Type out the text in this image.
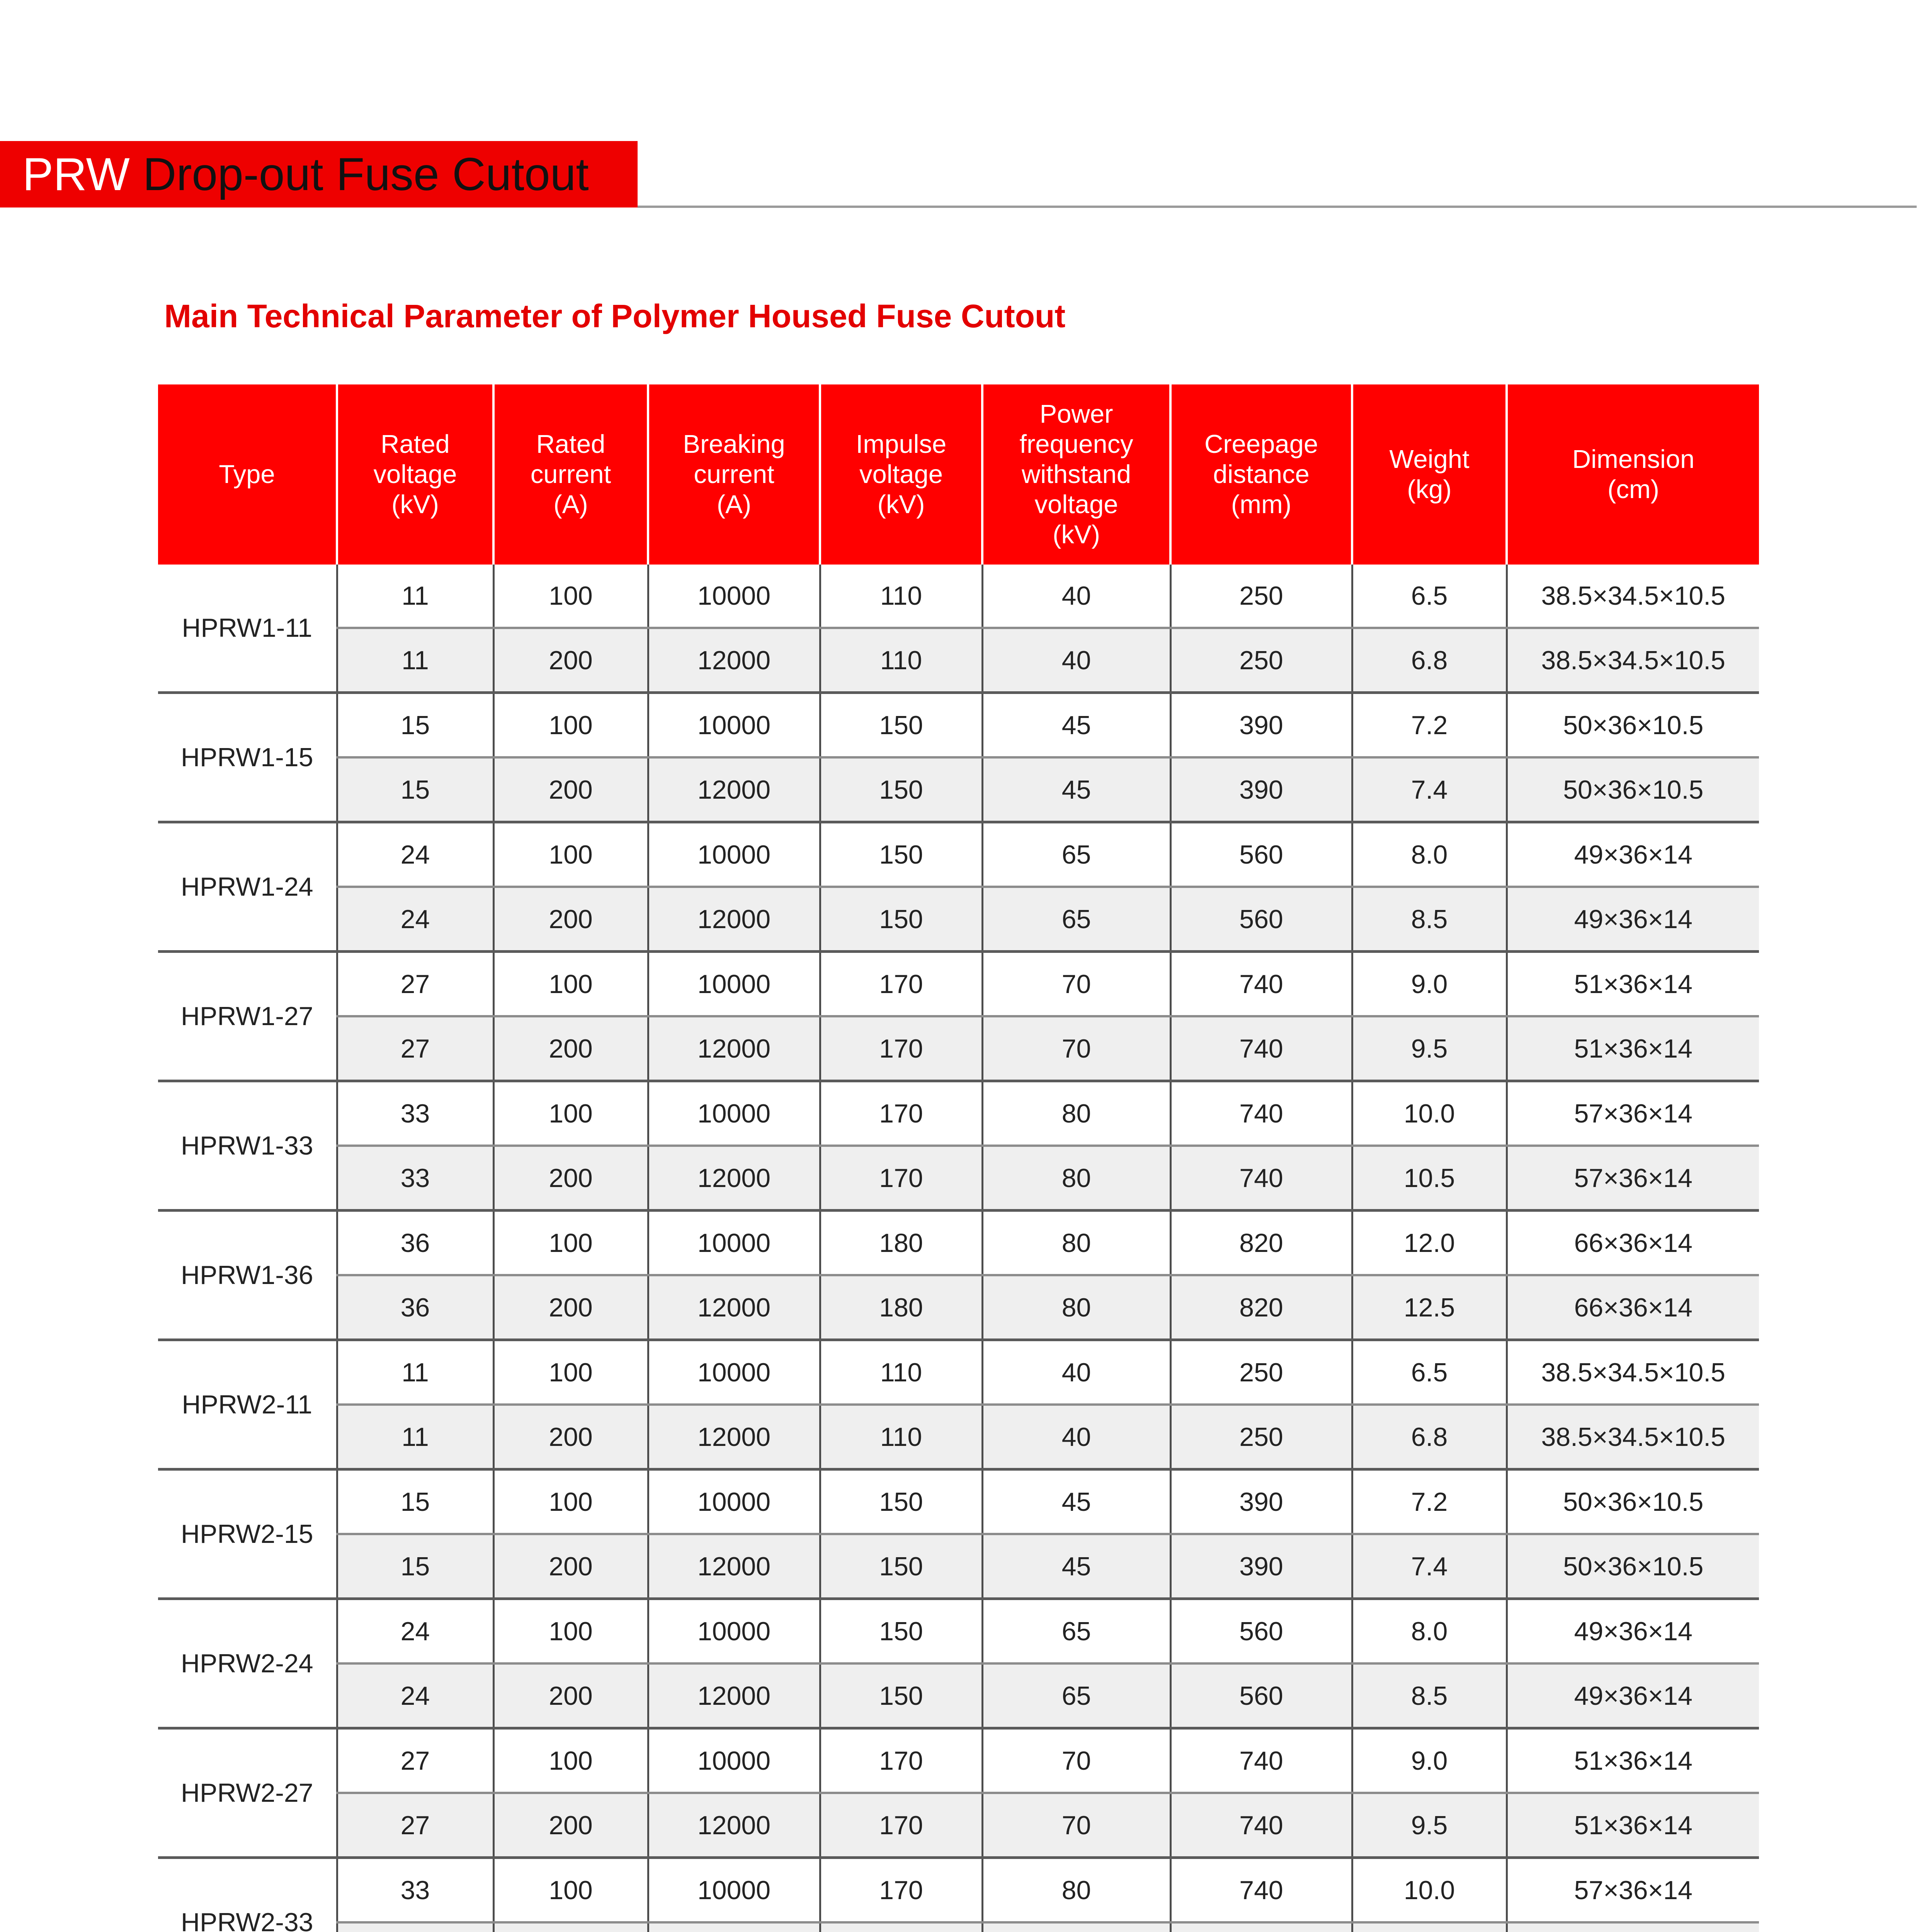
PRW Drop-out Fuse Cutout
Main Technical Parameter of Polymer Housed Fuse Cutout
Type	Rated
voltage
(kV)	Rated
current
(A)	Breaking
current
(A)	Impulse
voltage
(kV)	Power
frequency
withstand
voltage
(kV)	Creepage
distance
(mm)	Weight
(kg)	Dimension
(cm)
HPRW1-11	11	100	10000	110	40	250	6.5	38.5×34.5×10.5
	11	200	12000	110	40	250	6.8	38.5×34.5×10.5
HPRW1-15	15	100	10000	150	45	390	7.2	50×36×10.5
	15	200	12000	150	45	390	7.4	50×36×10.5
HPRW1-24	24	100	10000	150	65	560	8.0	49×36×14
	24	200	12000	150	65	560	8.5	49×36×14
HPRW1-27	27	100	10000	170	70	740	9.0	51×36×14
	27	200	12000	170	70	740	9.5	51×36×14
HPRW1-33	33	100	10000	170	80	740	10.0	57×36×14
	33	200	12000	170	80	740	10.5	57×36×14
HPRW1-36	36	100	10000	180	80	820	12.0	66×36×14
	36	200	12000	180	80	820	12.5	66×36×14
HPRW2-11	11	100	10000	110	40	250	6.5	38.5×34.5×10.5
	11	200	12000	110	40	250	6.8	38.5×34.5×10.5
HPRW2-15	15	100	10000	150	45	390	7.2	50×36×10.5
	15	200	12000	150	45	390	7.4	50×36×10.5
HPRW2-24	24	100	10000	150	65	560	8.0	49×36×14
	24	200	12000	150	65	560	8.5	49×36×14
HPRW2-27	27	100	10000	170	70	740	9.0	51×36×14
	27	200	12000	170	70	740	9.5	51×36×14
HPRW2-33	33	100	10000	170	80	740	10.0	57×36×14
